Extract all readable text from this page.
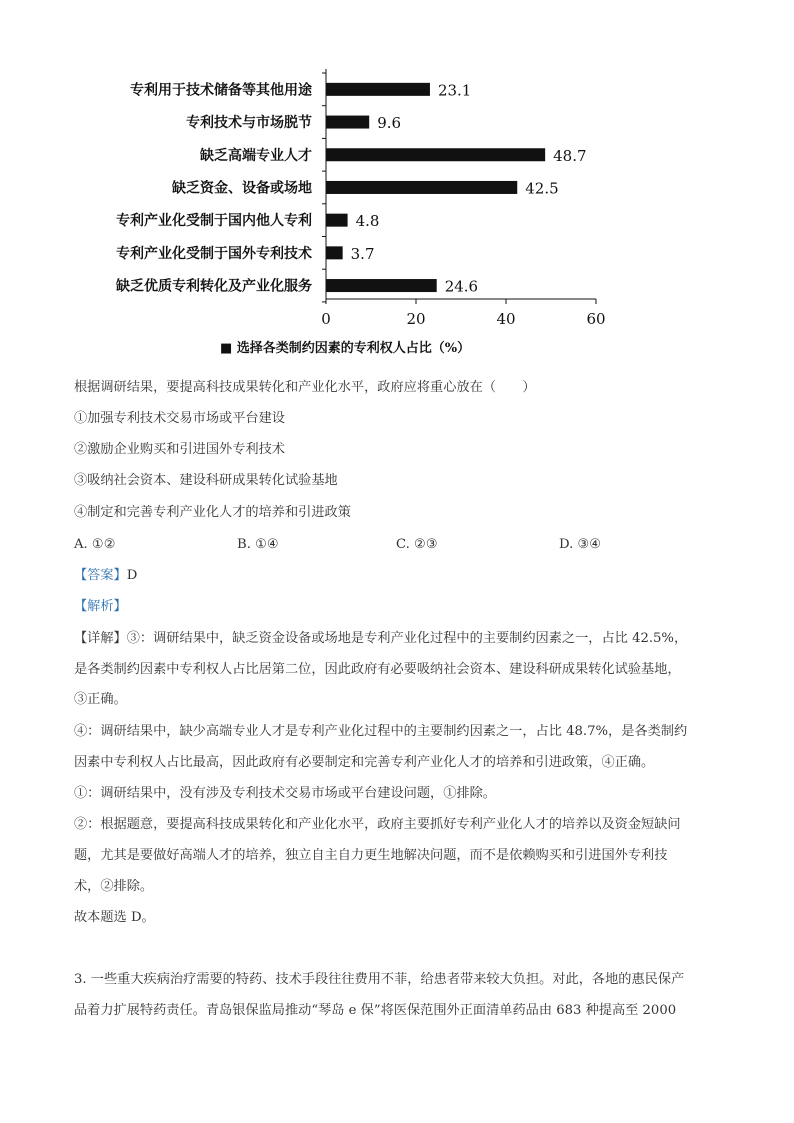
专利用于技术储备等其他用途	23.1
专利技术与市场脱节	9.6
缺乏高端专业人才	48.7
缺乏资金、设备或场地	42.5
专利产业化受制于国内他人专利	4.8
专利产业化受制于国外专利技术	3.7
缺乏优质专利转化及产业化服务	24.6
0	20	40	60
■ 选择各类制约因素的专利权人占比（%）
根据调研结果，要提高科技成果转化和产业化水平，政府应将重心放在（　　）
①加强专利技术交易市场或平台建设
②激励企业购买和引进国外专利技术
③吸纳社会资本、建设科研成果转化试验基地
④制定和完善专利产业化人才的培养和引进政策
A. ①②	B. ①④	C. ②③	D. ③④
【答案】D
【解析】
【详解】③：调研结果中，缺乏资金设备或场地是专利产业化过程中的主要制约因素之一，占比 42.5%，
是各类制约因素中专利权人占比居第二位，因此政府有必要吸纳社会资本、建设科研成果转化试验基地，
③正确。
④：调研结果中，缺少高端专业人才是专利产业化过程中的主要制约因素之一，占比 48.7%，是各类制约
因素中专利权人占比最高，因此政府有必要制定和完善专利产业化人才的培养和引进政策，④正确。
①：调研结果中，没有涉及专利技术交易市场或平台建设问题，①排除。
②：根据题意，要提高科技成果转化和产业化水平，政府主要抓好专利产业化人才的培养以及资金短缺问
题，尤其是要做好高端人才的培养，独立自主自力更生地解决问题，而不是依赖购买和引进国外专利技
术，②排除。
故本题选 D。
3. 一些重大疾病治疗需要的特药、技术手段往往费用不菲，给患者带来较大负担。对此，各地的惠民保产
品着力扩展特药责任。青岛银保监局推动“琴岛 e 保”将医保范围外正面清单药品由 683 种提高至 2000
